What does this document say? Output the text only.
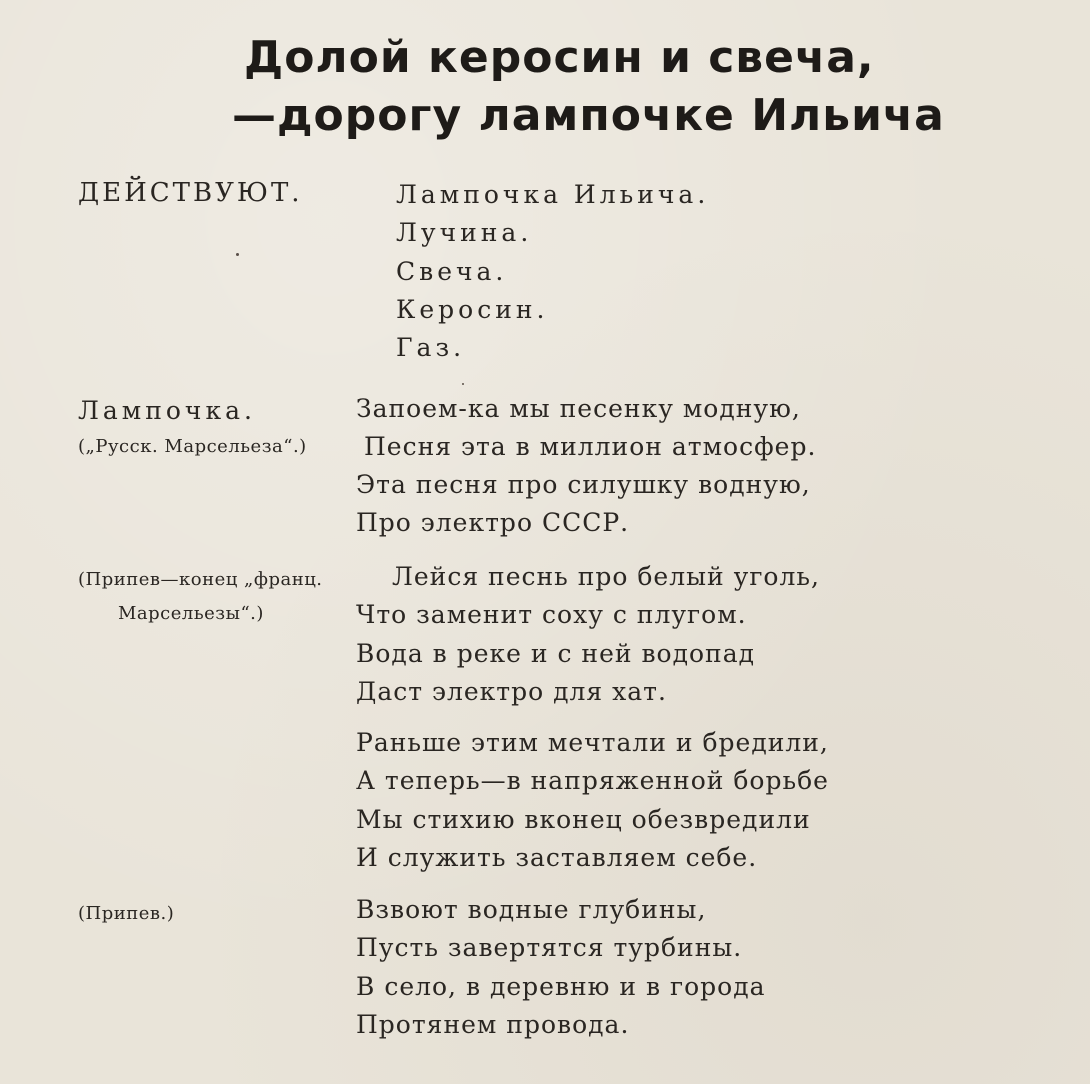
Долой керосин и свеча,
—дорогу лампочке Ильича
ДЕЙСТВУЮТ.	Лампочка Ильича.
Лучина.
Свеча.
Керосин.
Газ.
Лампочка.
(„Русск. Марсельеза“.)
Запоем-ка мы песенку модную,
Песня эта в миллион атмосфер.
Эта песня про силушку водную,
Про электро СССР.
(Припев—конец „франц.
Марсельезы“.)
Лейся песнь про белый уголь,
Что заменит соху с плугом.
Вода в реке и с ней водопад
Даст электро для хат.
Раньше этим мечтали и бредили,
А теперь—в напряженной борьбе
Мы стихию вконец обезвредили
И служить заставляем себе.
(Припев.)	Взвоют водные глубины,
Пусть завертятся турбины.
В село, в деревню и в города
Протянем провода.
